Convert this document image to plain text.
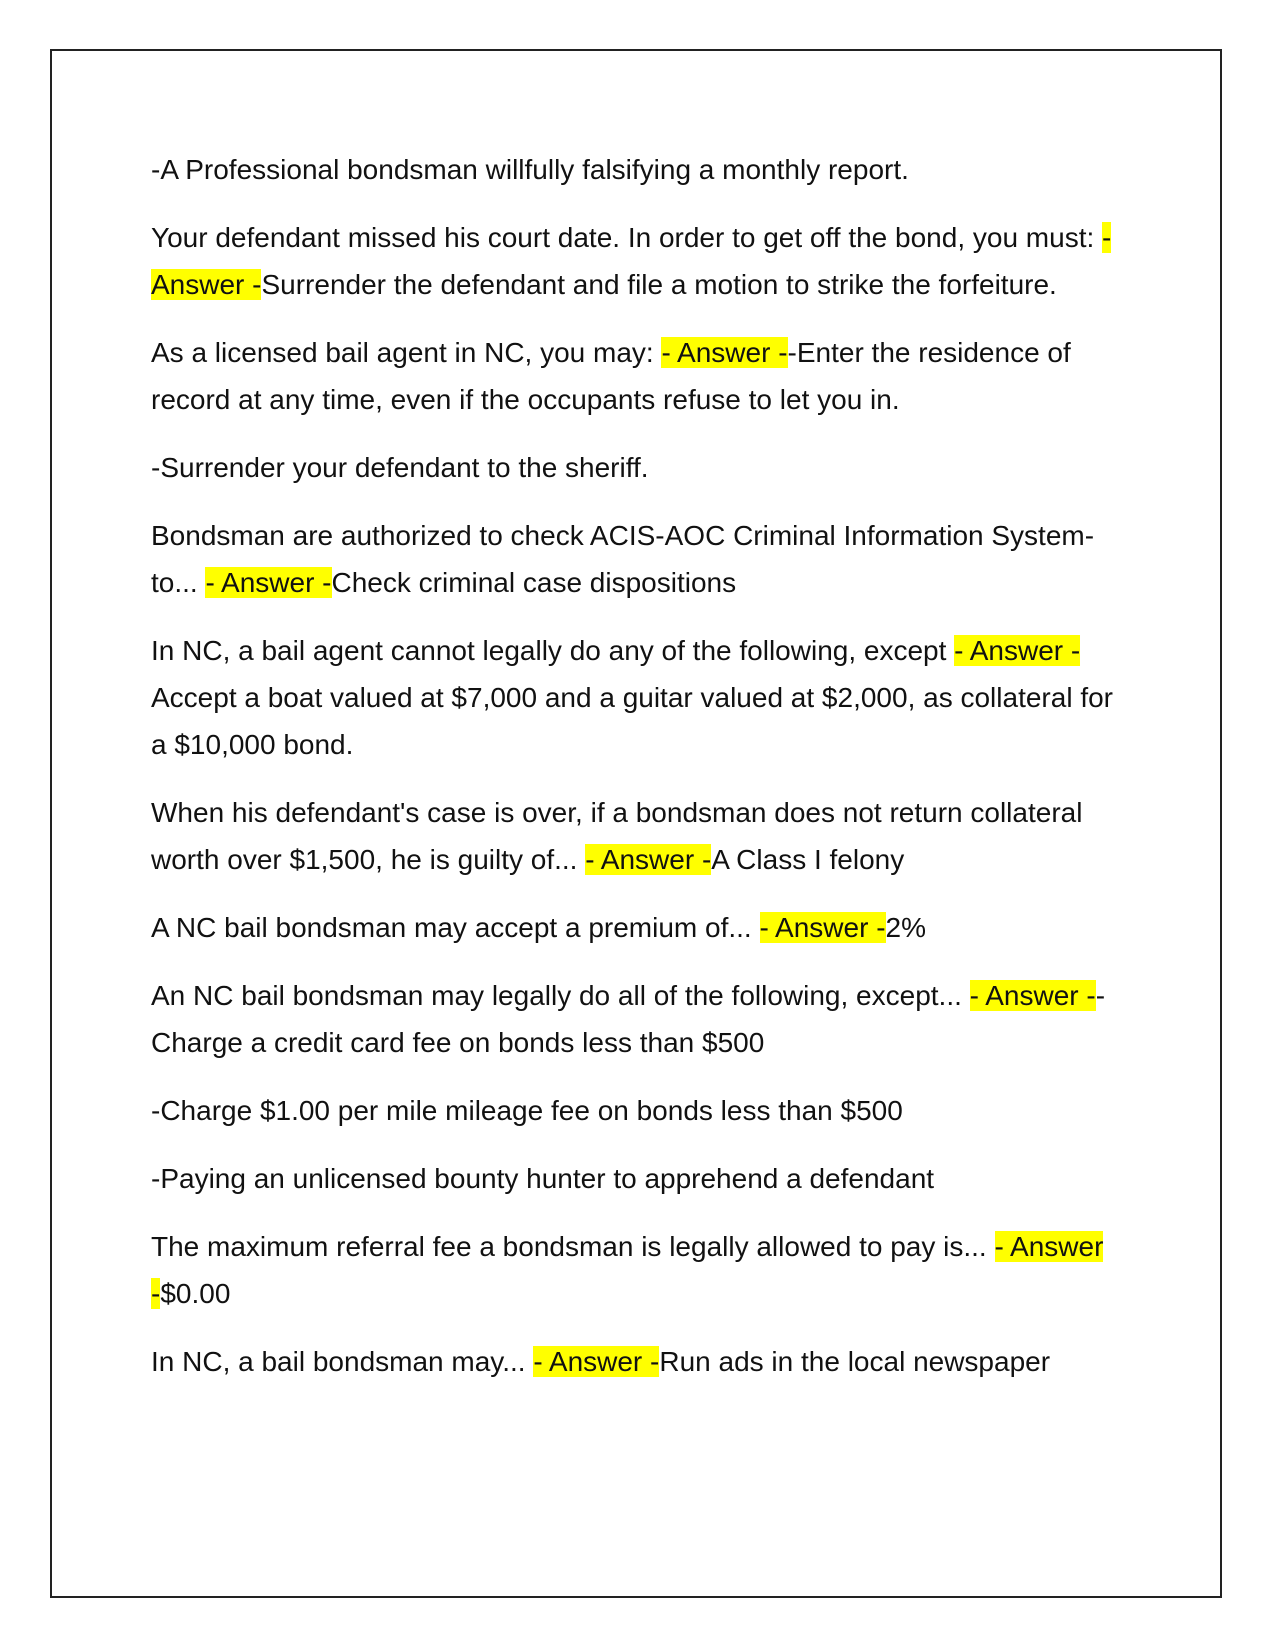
-A Professional bondsman willfully falsifying a monthly report.

Your defendant missed his court date. In order to get off the bond, you must: - Answer -Surrender the defendant and file a motion to strike the forfeiture.

As a licensed bail agent in NC, you may: - Answer --Enter the residence of record at any time, even if the occupants refuse to let you in.

-Surrender your defendant to the sheriff.

Bondsman are authorized to check ACIS-AOC Criminal Information System- to... - Answer -Check criminal case dispositions

In NC, a bail agent cannot legally do any of the following, except - Answer -Accept a boat valued at $7,000 and a guitar valued at $2,000, as collateral for a $10,000 bond.

When his defendant's case is over, if a bondsman does not return collateral worth over $1,500, he is guilty of... - Answer -A Class I felony

A NC bail bondsman may accept a premium of... - Answer -2%

An NC bail bondsman may legally do all of the following, except... - Answer --Charge a credit card fee on bonds less than $500

-Charge $1.00 per mile mileage fee on bonds less than $500

-Paying an unlicensed bounty hunter to apprehend a defendant

The maximum referral fee a bondsman is legally allowed to pay is... - Answer -$0.00

In NC, a bail bondsman may... - Answer -Run ads in the local newspaper
